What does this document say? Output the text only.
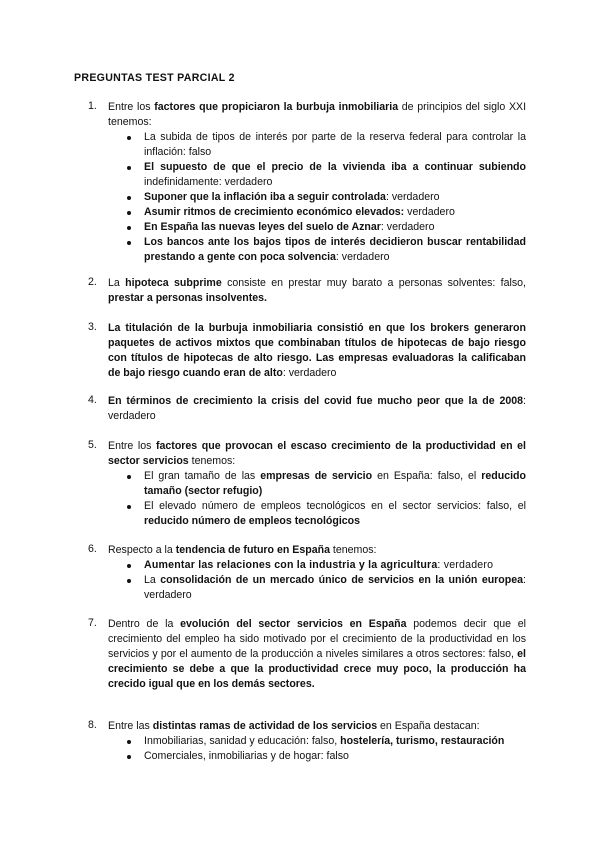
PREGUNTAS TEST PARCIAL 2
1. Entre los factores que propiciaron la burbuja inmobiliaria de principios del siglo XXI tenemos:
La subida de tipos de interés por parte de la reserva federal para controlar la inflación: falso
El supuesto de que el precio de la vivienda iba a continuar subiendo indefinidamente: verdadero
Suponer que la inflación iba a seguir controlada: verdadero
Asumir ritmos de crecimiento económico elevados: verdadero
En España las nuevas leyes del suelo de Aznar: verdadero
Los bancos ante los bajos tipos de interés decidieron buscar rentabilidad prestando a gente con poca solvencia: verdadero
2. La hipoteca subprime consiste en prestar muy barato a personas solventes: falso, prestar a personas insolventes.
3. La titulación de la burbuja inmobiliaria consistió en que los brokers generaron paquetes de activos mixtos que combinaban títulos de hipotecas de bajo riesgo con títulos de hipotecas de alto riesgo. Las empresas evaluadoras la calificaban de bajo riesgo cuando eran de alto: verdadero
4. En términos de crecimiento la crisis del covid fue mucho peor que la de 2008: verdadero
5. Entre los factores que provocan el escaso crecimiento de la productividad en el sector servicios tenemos:
El gran tamaño de las empresas de servicio en España: falso, el reducido tamaño (sector refugio)
El elevado número de empleos tecnológicos en el sector servicios: falso, el reducido número de empleos tecnológicos
6. Respecto a la tendencia de futuro en España tenemos:
Aumentar las relaciones con la industria y la agricultura: verdadero
La consolidación de un mercado único de servicios en la unión europea: verdadero
7. Dentro de la evolución del sector servicios en España podemos decir que el crecimiento del empleo ha sido motivado por el crecimiento de la productividad en los servicios y por el aumento de la producción a niveles similares a otros sectores: falso, el crecimiento se debe a que la productividad crece muy poco, la producción ha crecido igual que en los demás sectores.
8. Entre las distintas ramas de actividad de los servicios en España destacan:
Inmobiliarias, sanidad y educación: falso, hostelería, turismo, restauración
Comerciales, inmobiliarias y de hogar: falso
